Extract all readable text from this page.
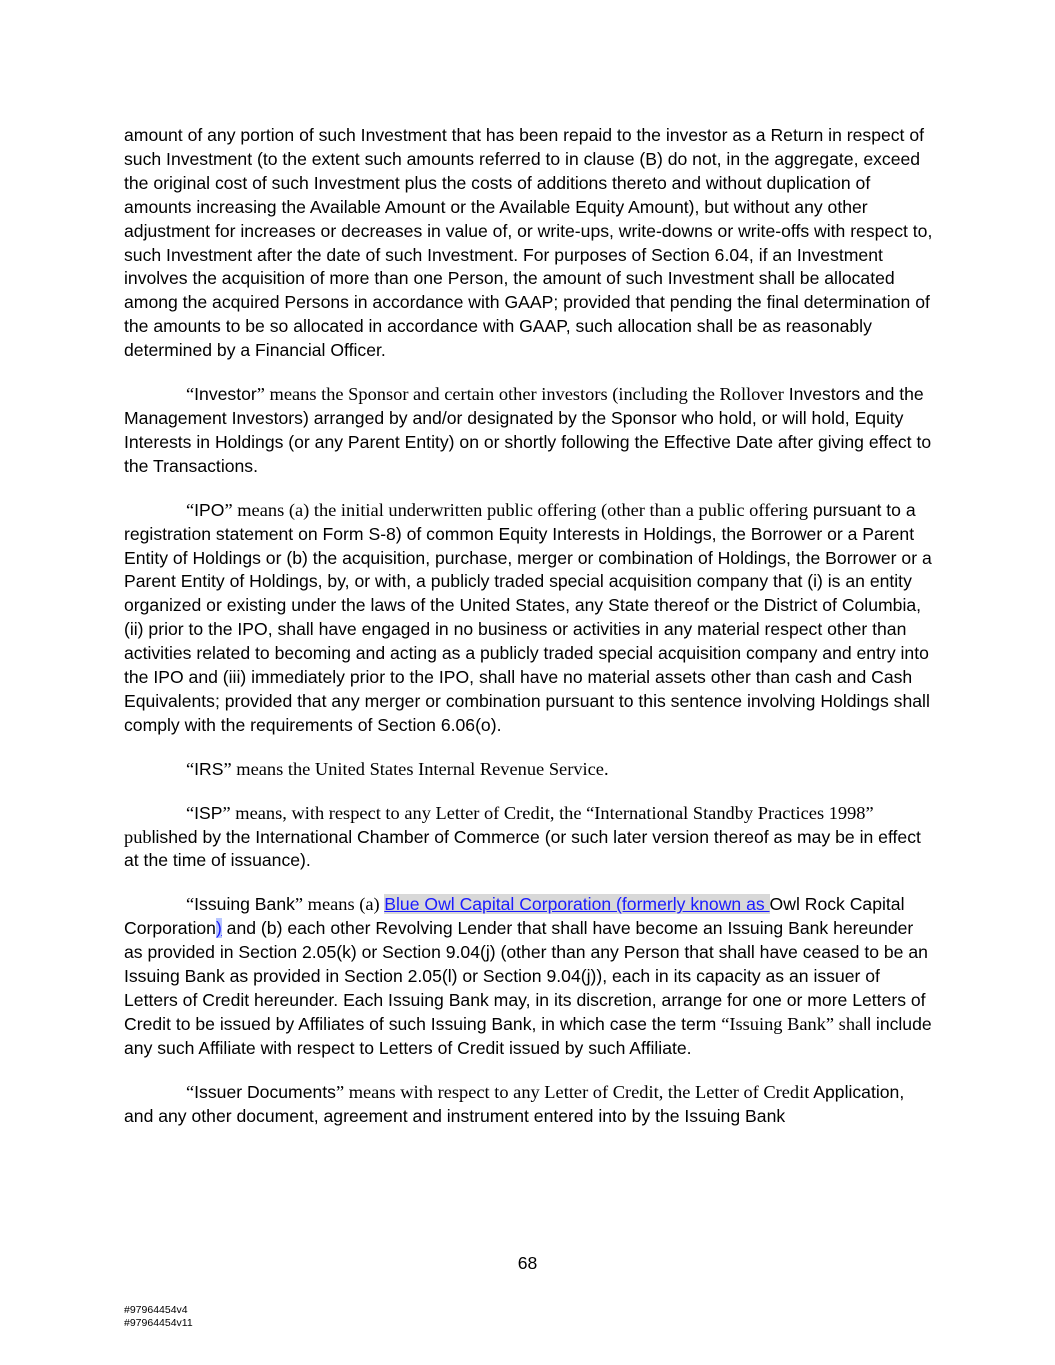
amount of any portion of such Investment that has been repaid to the investor as a Return in respect of such Investment (to the extent such amounts referred to in clause (B) do not, in the aggregate, exceed the original cost of such Investment plus the costs of additions thereto and without duplication of amounts increasing the Available Amount or the Available Equity Amount), but without any other adjustment for increases or decreases in value of, or write-ups, write-downs or write-offs with respect to, such Investment after the date of such Investment. For purposes of Section 6.04, if an Investment involves the acquisition of more than one Person, the amount of such Investment shall be allocated among the acquired Persons in accordance with GAAP; provided that pending the final determination of the amounts to be so allocated in accordance with GAAP, such allocation shall be as reasonably determined by a Financial Officer.

“Investor” means the Sponsor and certain other investors (including the Rollover Investors and the Management Investors) arranged by and/or designated by the Sponsor who hold, or will hold, Equity Interests in Holdings (or any Parent Entity) on or shortly following the Effective Date after giving effect to the Transactions.

“IPO” means (a) the initial underwritten public offering (other than a public offering pursuant to a registration statement on Form S-8) of common Equity Interests in Holdings, the Borrower or a Parent Entity of Holdings or (b) the acquisition, purchase, merger or combination of Holdings, the Borrower or a Parent Entity of Holdings, by, or with, a publicly traded special acquisition company that (i) is an entity organized or existing under the laws of the United States, any State thereof or the District of Columbia, (ii) prior to the IPO, shall have engaged in no business or activities in any material respect other than activities related to becoming and acting as a publicly traded special acquisition company and entry into the IPO and (iii) immediately prior to the IPO, shall have no material assets other than cash and Cash Equivalents; provided that any merger or combination pursuant to this sentence involving Holdings shall comply with the requirements of Section 6.06(o).

“IRS” means the United States Internal Revenue Service.

“ISP” means, with respect to any Letter of Credit, the “International Standby Practices 1998” published by the International Chamber of Commerce (or such later version thereof as may be in effect at the time of issuance).

“Issuing Bank” means (a) Blue Owl Capital Corporation (formerly known as Owl Rock Capital Corporation) and (b) each other Revolving Lender that shall have become an Issuing Bank hereunder as provided in Section 2.05(k) or Section 9.04(j) (other than any Person that shall have ceased to be an Issuing Bank as provided in Section 2.05(l) or Section 9.04(j)), each in its capacity as an issuer of Letters of Credit hereunder. Each Issuing Bank may, in its discretion, arrange for one or more Letters of Credit to be issued by Affiliates of such Issuing Bank, in which case the term “Issuing Bank” shall include any such Affiliate with respect to Letters of Credit issued by such Affiliate.

“Issuer Documents” means with respect to any Letter of Credit, the Letter of Credit Application, and any other document, agreement and instrument entered into by the Issuing Bank

68
#97964454v4
#97964454v11
